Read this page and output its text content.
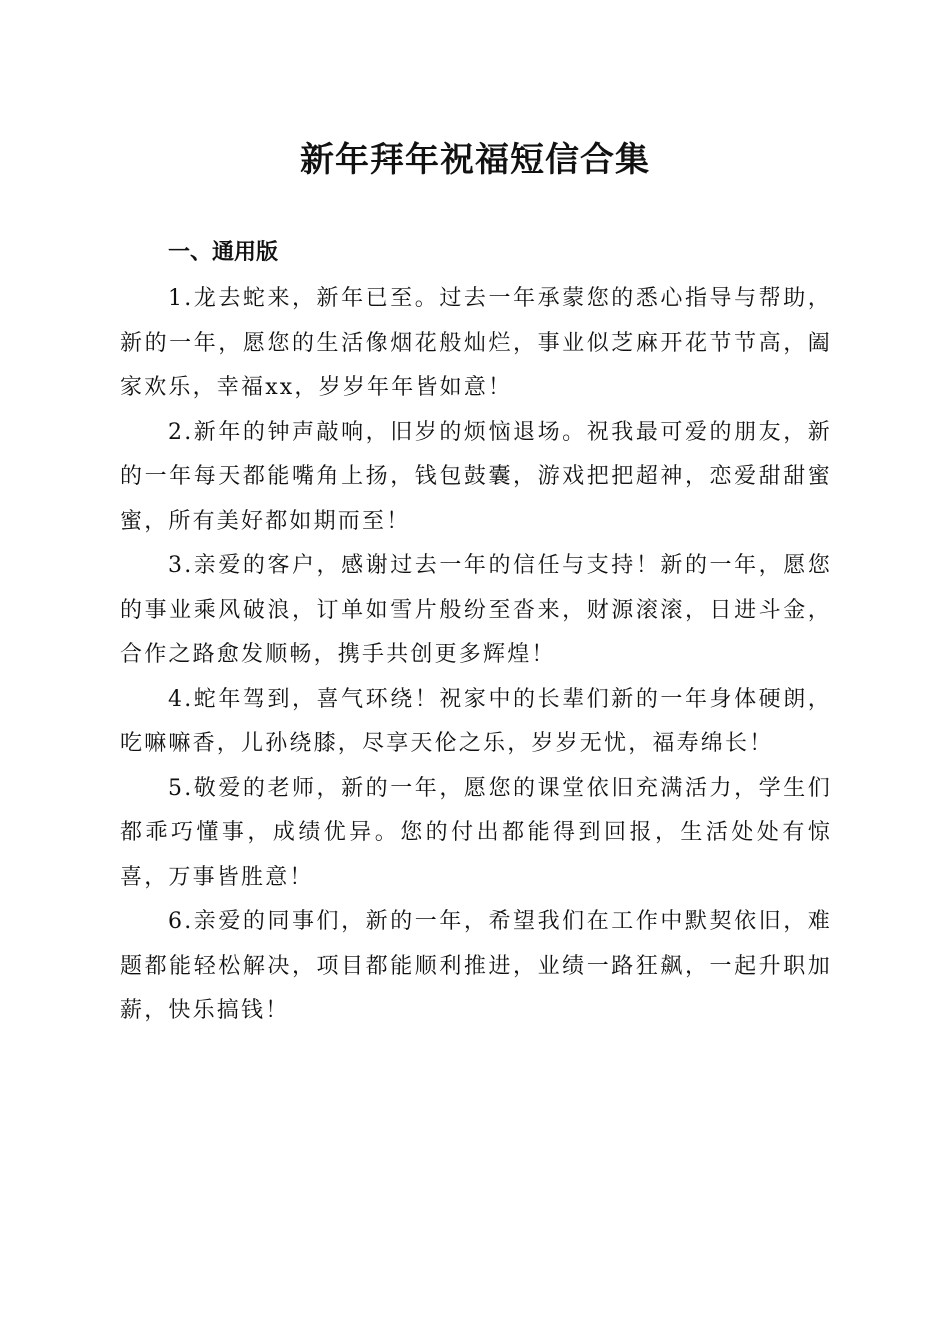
新年拜年祝福短信合集
一、通用版

1.龙去蛇来，新年已至。过去一年承蒙您的悉心指导与帮助，新的一年，愿您的生活像烟花般灿烂，事业似芝麻开花节节高，阖家欢乐，幸福xx，岁岁年年皆如意！

2.新年的钟声敲响，旧岁的烦恼退场。祝我最可爱的朋友，新的一年每天都能嘴角上扬，钱包鼓囊，游戏把把超神，恋爱甜甜蜜蜜，所有美好都如期而至！

3.亲爱的客户，感谢过去一年的信任与支持！新的一年，愿您的事业乘风破浪，订单如雪片般纷至沓来，财源滚滚，日进斗金，合作之路愈发顺畅，携手共创更多辉煌！

4.蛇年驾到，喜气环绕！祝家中的长辈们新的一年身体硬朗，吃嘛嘛香，儿孙绕膝，尽享天伦之乐，岁岁无忧，福寿绵长！

5.敬爱的老师，新的一年，愿您的课堂依旧充满活力，学生们都乖巧懂事，成绩优异。您的付出都能得到回报，生活处处有惊喜，万事皆胜意！

6.亲爱的同事们，新的一年，希望我们在工作中默契依旧，难题都能轻松解决，项目都能顺利推进，业绩一路狂飙，一起升职加薪，快乐搞钱！
